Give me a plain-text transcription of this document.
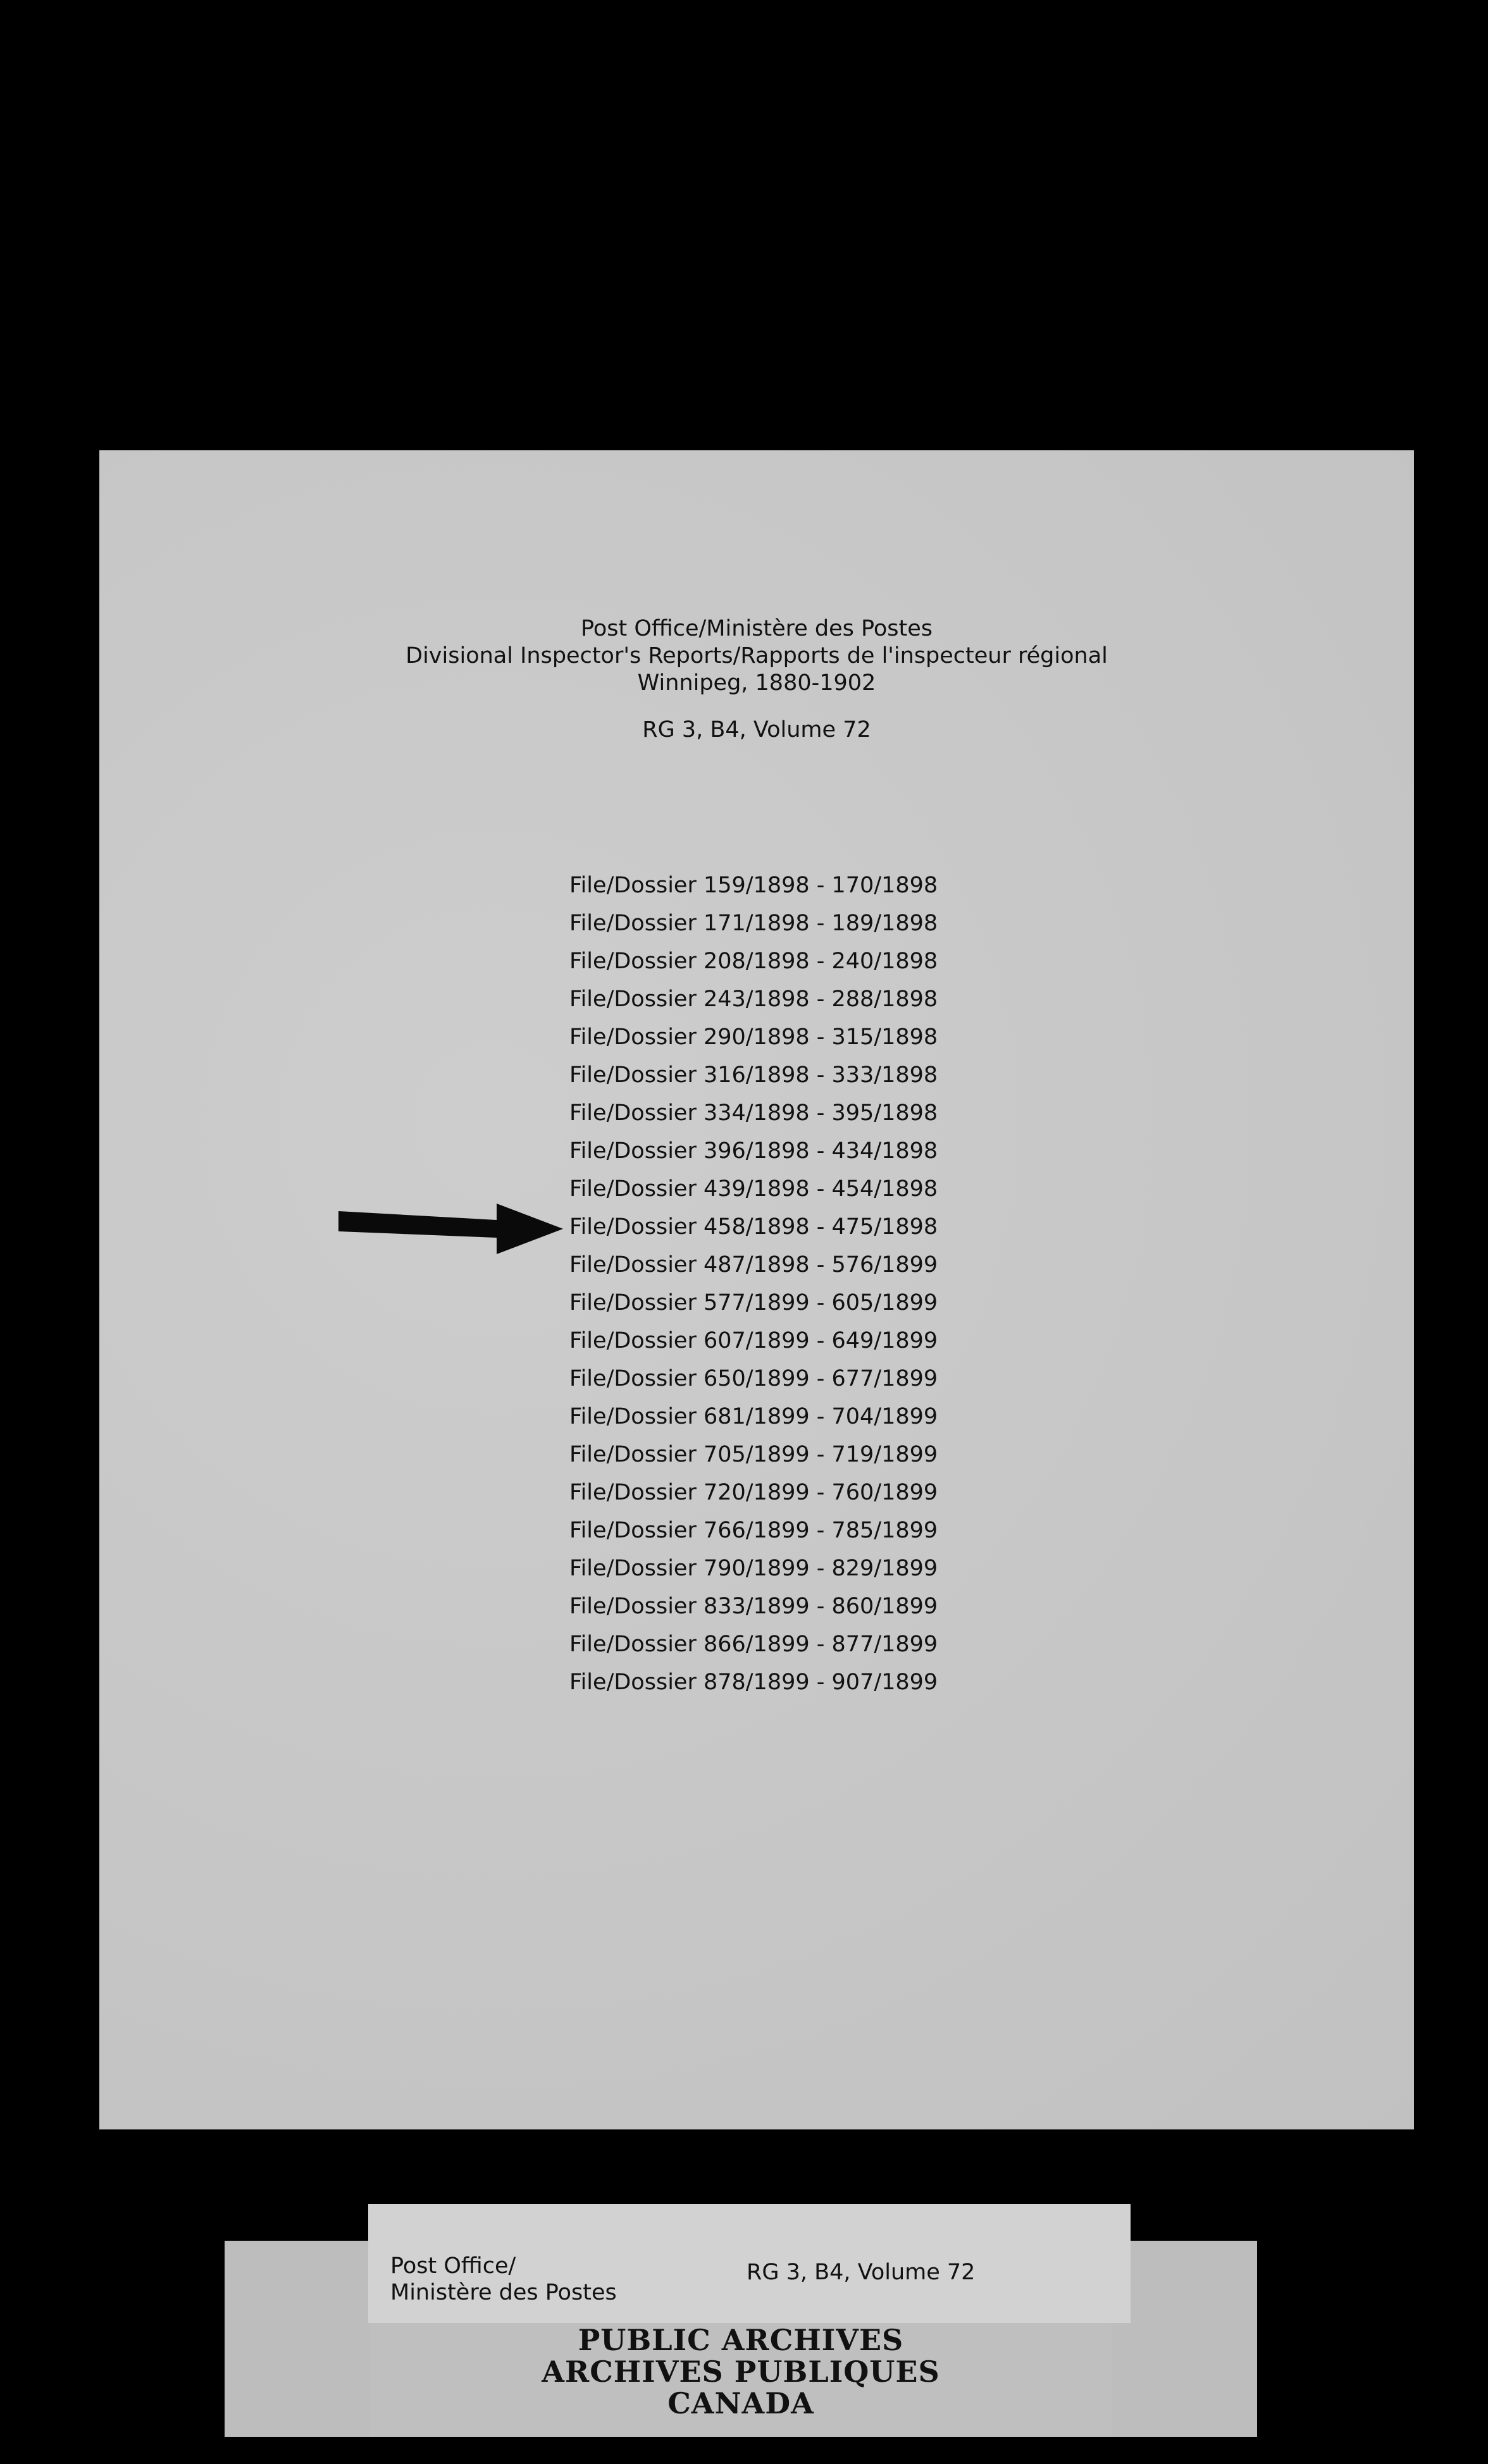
Post Office/Ministère des Postes
Divisional Inspector's Reports/Rapports de l'inspecteur régional
Winnipeg, 1880-1902
RG 3, B4, Volume 72
File/Dossier 159/1898 - 170/1898
File/Dossier 171/1898 - 189/1898
File/Dossier 208/1898 - 240/1898
File/Dossier 243/1898 - 288/1898
File/Dossier 290/1898 - 315/1898
File/Dossier 316/1898 - 333/1898
File/Dossier 334/1898 - 395/1898
File/Dossier 396/1898 - 434/1898
File/Dossier 439/1898 - 454/1898
File/Dossier 458/1898 - 475/1898
File/Dossier 487/1898 - 576/1899
File/Dossier 577/1899 - 605/1899
File/Dossier 607/1899 - 649/1899
File/Dossier 650/1899 - 677/1899
File/Dossier 681/1899 - 704/1899
File/Dossier 705/1899 - 719/1899
File/Dossier 720/1899 - 760/1899
File/Dossier 766/1899 - 785/1899
File/Dossier 790/1899 - 829/1899
File/Dossier 833/1899 - 860/1899
File/Dossier 866/1899 - 877/1899
File/Dossier 878/1899 - 907/1899
PUBLIC ARCHIVES
ARCHIVES PUBLIQUES
CANADA
Post Office/
Ministère des Postes
RG 3, B4, Volume 72
